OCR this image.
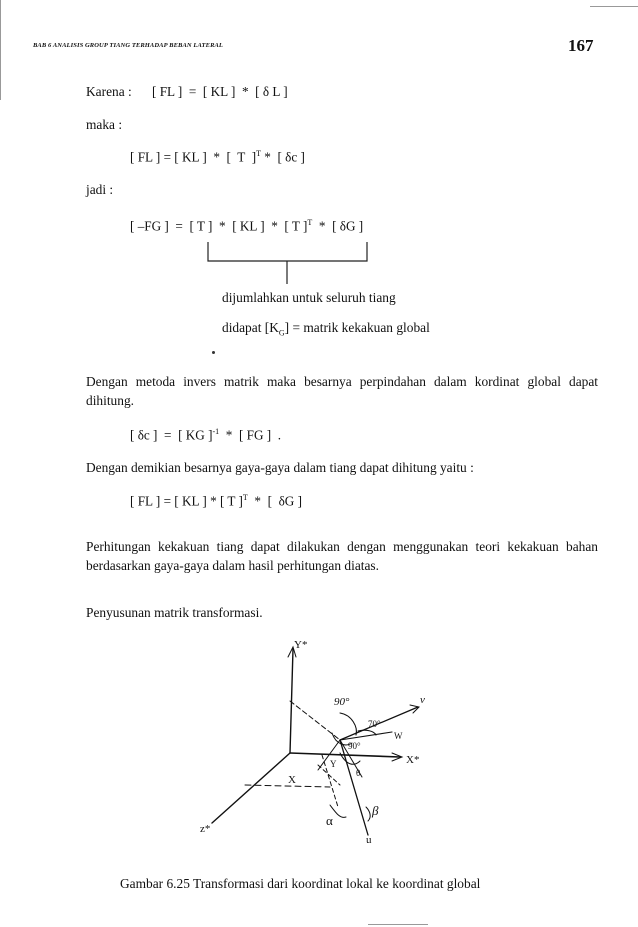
BAB 6 ANALISIS GROUP TIANG TERHADAP BEBAN LATERAL	167
Karena : [ FL ]  =  [ KL ]  *  [ δ L ]
maka :
[ FL ] = [ KL ]  *  [  T  ]$^T$ *  [ δc ]
jadi :
[ –FG ]  =  [ T ]  *  [ KL ]  *  [ T ]$^T$  *  [ δG ]
dijumlahkan untuk seluruh tiang
didapat $[K_G]$ = matrik kekakuan global
Dengan metoda invers matrik maka besarnya perpindahan dalam kordinat global dapat dihitung.
[ δc ]  =  [ KG ]$^{-1}$  *  [ FG ]  .
Dengan demikian besarnya gaya-gaya dalam tiang dapat dihitung yaitu :
[ FL ] = [ KL ] * [ T ]$^T$  *  [  δG ]
Perhitungan kekakuan tiang dapat dilakukan dengan menggunakan teori kekakuan bahan berdasarkan gaya-gaya dalam hasil perhitungan diatas.
Penyusunan matrik transformasi.
Y*
X*
z*
90°
70°
90°
W
v
X
Y
θ
α
β
u
Gambar 6.25 Transformasi dari koordinat lokal ke koordinat global
